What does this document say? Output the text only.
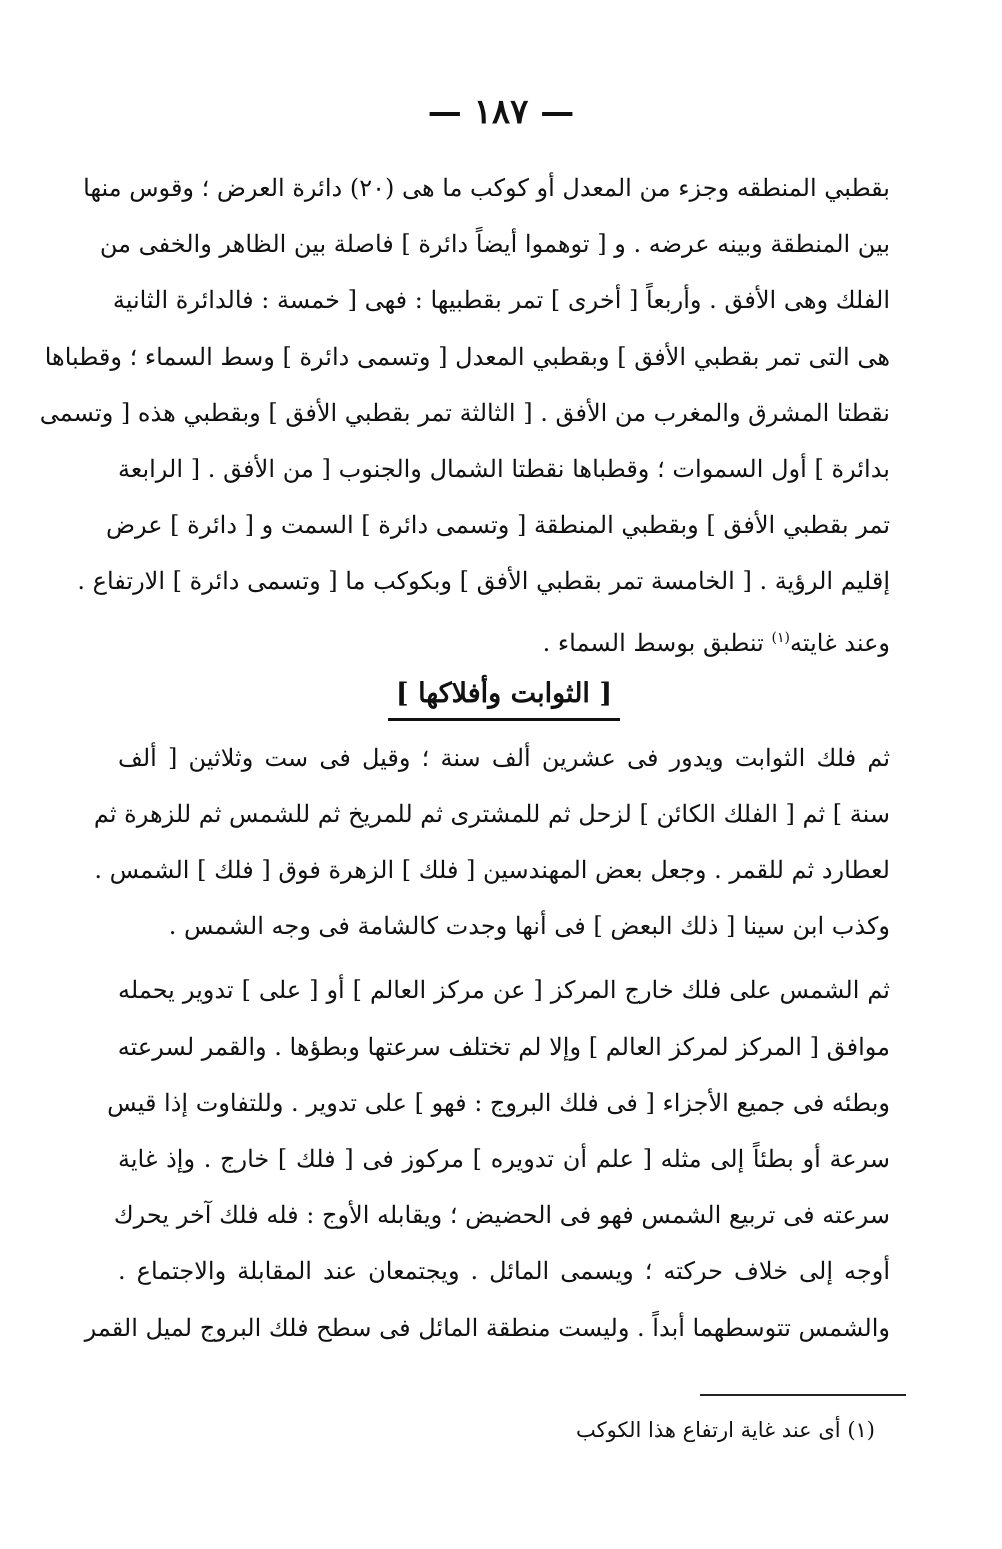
— ١٨٧ —
بقطبي المنطقه وجزء من المعدل أو كوكب ما هى (٢٠) دائرة العرض ؛ وقوس منها
بين المنطقة وبينه عرضه . و [ توهموا أيضاً دائرة ] فاصلة بين الظاهر والخفى من
الفلك وهى الأفق . وأربعاً [ أخرى ] تمر بقطبيها : فهى [ خمسة : فالدائرة الثانية
هى التى تمر بقطبي الأفق ] وبقطبي المعدل [ وتسمى دائرة ] وسط السماء ؛ وقطباها
نقطتا المشرق والمغرب من الأفق . [ الثالثة تمر بقطبي الأفق ] وبقطبي هذه [ وتسمى
بدائرة ] أول السموات ؛ وقطباها نقطتا الشمال والجنوب [ من الأفق . [ الرابعة
تمر بقطبي الأفق ] وبقطبي المنطقة [ وتسمى دائرة ] السمت و [ دائرة ] عرض
إقليم الرؤية . [ الخامسة تمر بقطبي الأفق ] وبكوكب ما [ وتسمى دائرة ] الارتفاع .
وعند غايته$^{(١)}$ تنطبق بوسط السماء .
[ الثوابت وأفلاكها ]
ثم فلك الثوابت ويدور فى عشرين ألف سنة ؛ وقيل فى ست وثلاثين [ ألف
سنة ] ثم [ الفلك الكائن ] لزحل ثم للمشترى ثم للمريخ ثم للشمس ثم للزهرة ثم
لعطارد ثم للقمر . وجعل بعض المهندسين [ فلك ] الزهرة فوق [ فلك ] الشمس .
وكذب ابن سينا [ ذلك البعض ] فى أنها وجدت كالشامة فى وجه الشمس .
ثم الشمس على فلك خارج المركز [ عن مركز العالم ] أو [ على ] تدوير يحمله
موافق [ المركز لمركز العالم ] وإلا لم تختلف سرعتها وبطؤها . والقمر لسرعته
وبطئه فى جميع الأجزاء [ فى فلك البروج : فهو ] على تدوير . وللتفاوت إذا قيس
سرعة أو بطئاً إلى مثله [ علم أن تدويره ] مركوز فى [ فلك ] خارج . وإذ غاية
سرعته فى تربيع الشمس فهو فى الحضيض ؛ ويقابله الأوج : فله فلك آخر يحرك
أوجه إلى خلاف حركته ؛ ويسمى المائل . ويجتمعان عند المقابلة والاجتماع .
والشمس تتوسطهما أبداً . وليست منطقة المائل فى سطح فلك البروج لميل القمر
(١) أى عند غاية ارتفاع هذا الكوكب
